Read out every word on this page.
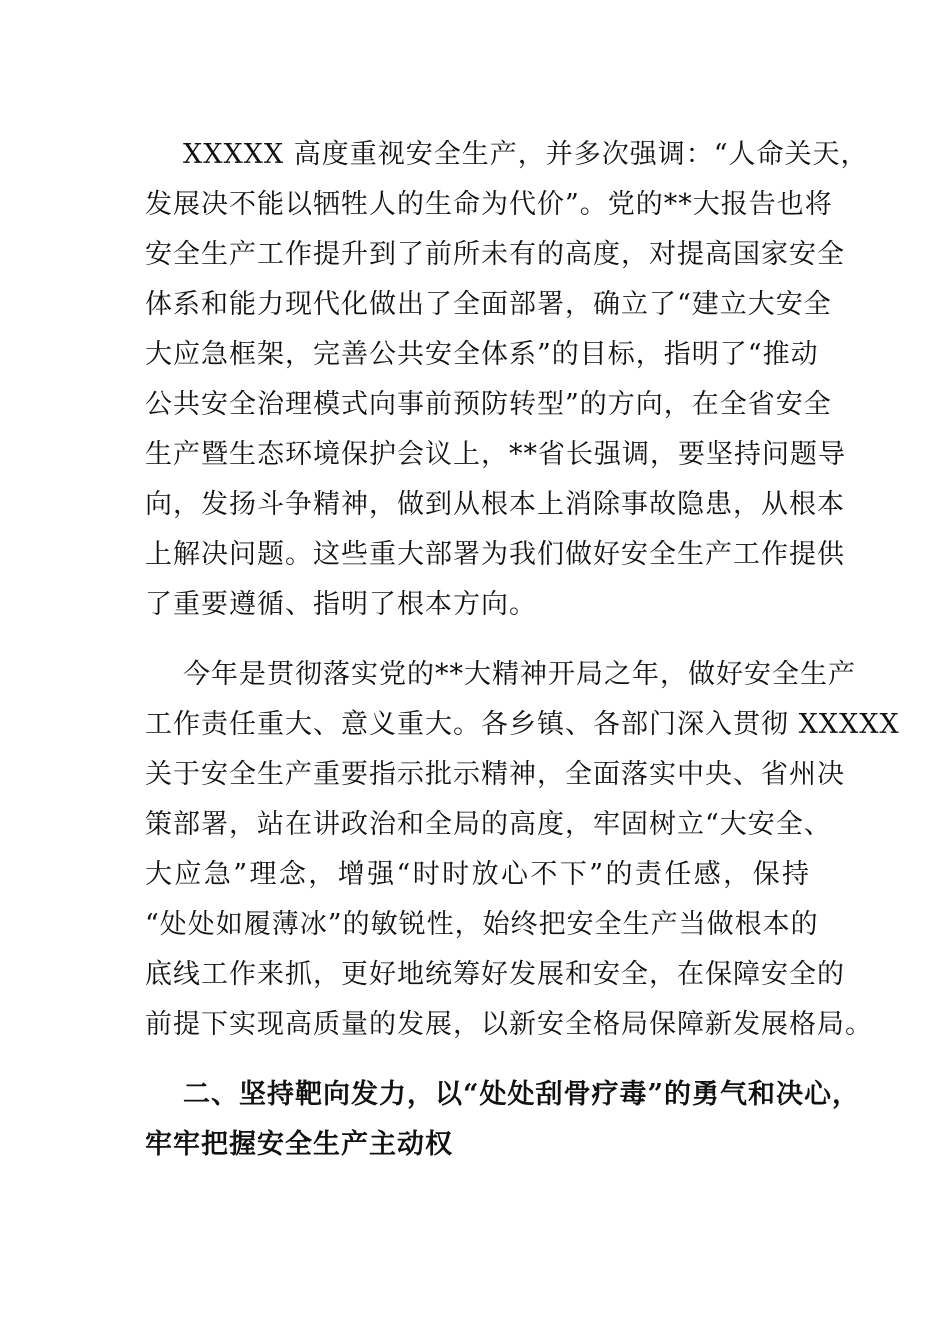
XXXXX 高度重视安全生产，并多次强调：“人命关天，
发展决不能以牺牲人的生命为代价”。党的**大报告也将
安全生产工作提升到了前所未有的高度，对提高国家安全
体系和能力现代化做出了全面部署，确立了“建立大安全
大应急框架，完善公共安全体系”的目标，指明了“推动
公共安全治理模式向事前预防转型”的方向，在全省安全
生产暨生态环境保护会议上，**省长强调，要坚持问题导
向，发扬斗争精神，做到从根本上消除事故隐患，从根本
上解决问题。这些重大部署为我们做好安全生产工作提供
了重要遵循、指明了根本方向。
今年是贯彻落实党的**大精神开局之年，做好安全生产
工作责任重大、意义重大。各乡镇、各部门深入贯彻 XXXXX
关于安全生产重要指示批示精神，全面落实中央、省州决
策部署，站在讲政治和全局的高度，牢固树立“大安全、
大应急”理念，增强“时时放心不下”的责任感，保持
“处处如履薄冰”的敏锐性，始终把安全生产当做根本的
底线工作来抓，更好地统筹好发展和安全，在保障安全的
前提下实现高质量的发展，以新安全格局保障新发展格局。
二、坚持靶向发力，以“处处刮骨疗毒”的勇气和决心，
牢牢把握安全生产主动权
